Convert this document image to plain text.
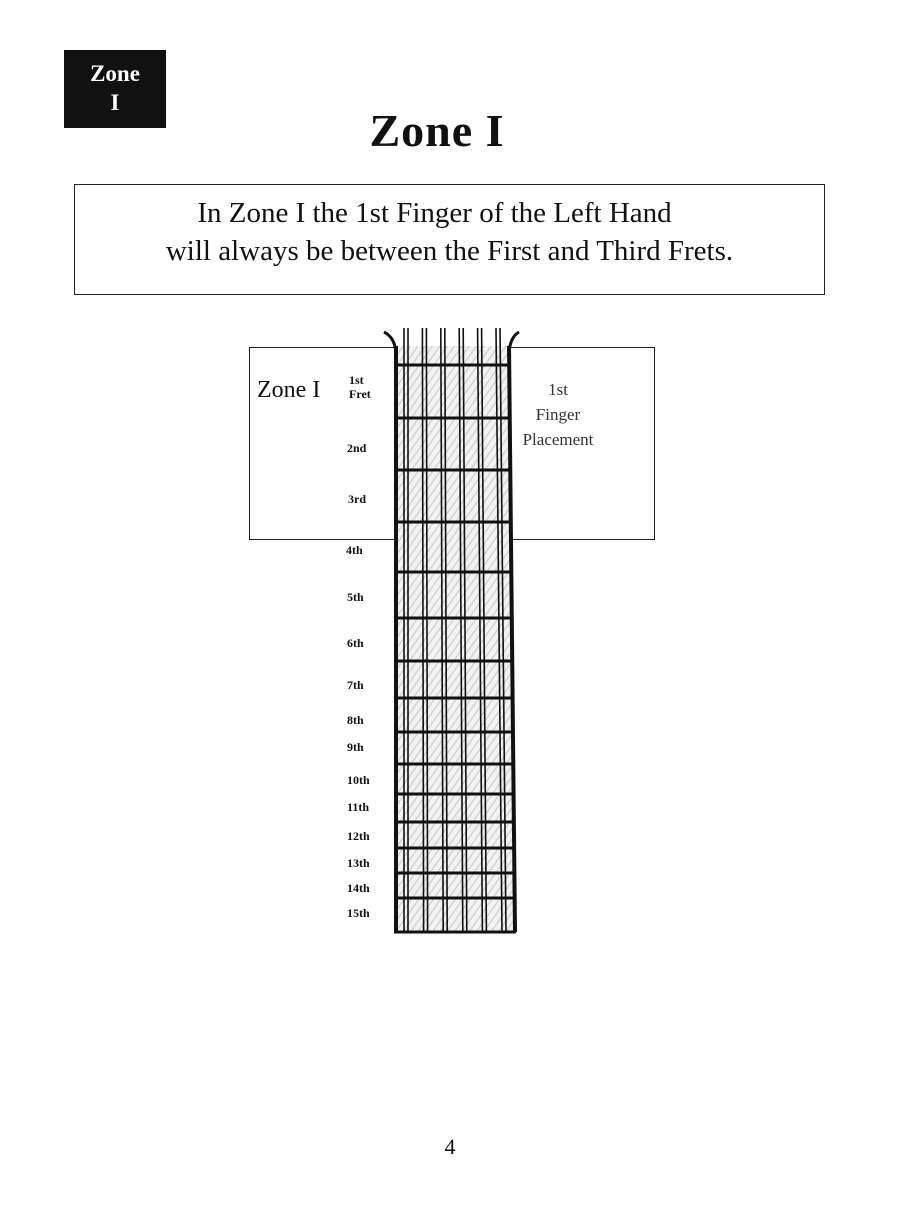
Zone
I
Zone I
In Zone I the 1st Finger of the Left Hand
will always be between the First and Third Frets.
Zone I	1st
Finger
Placement
1st
Fret
2nd
3rd
4th
5th
6th
7th
8th
9th
10th
11th
12th
13th
14th
15th
4
